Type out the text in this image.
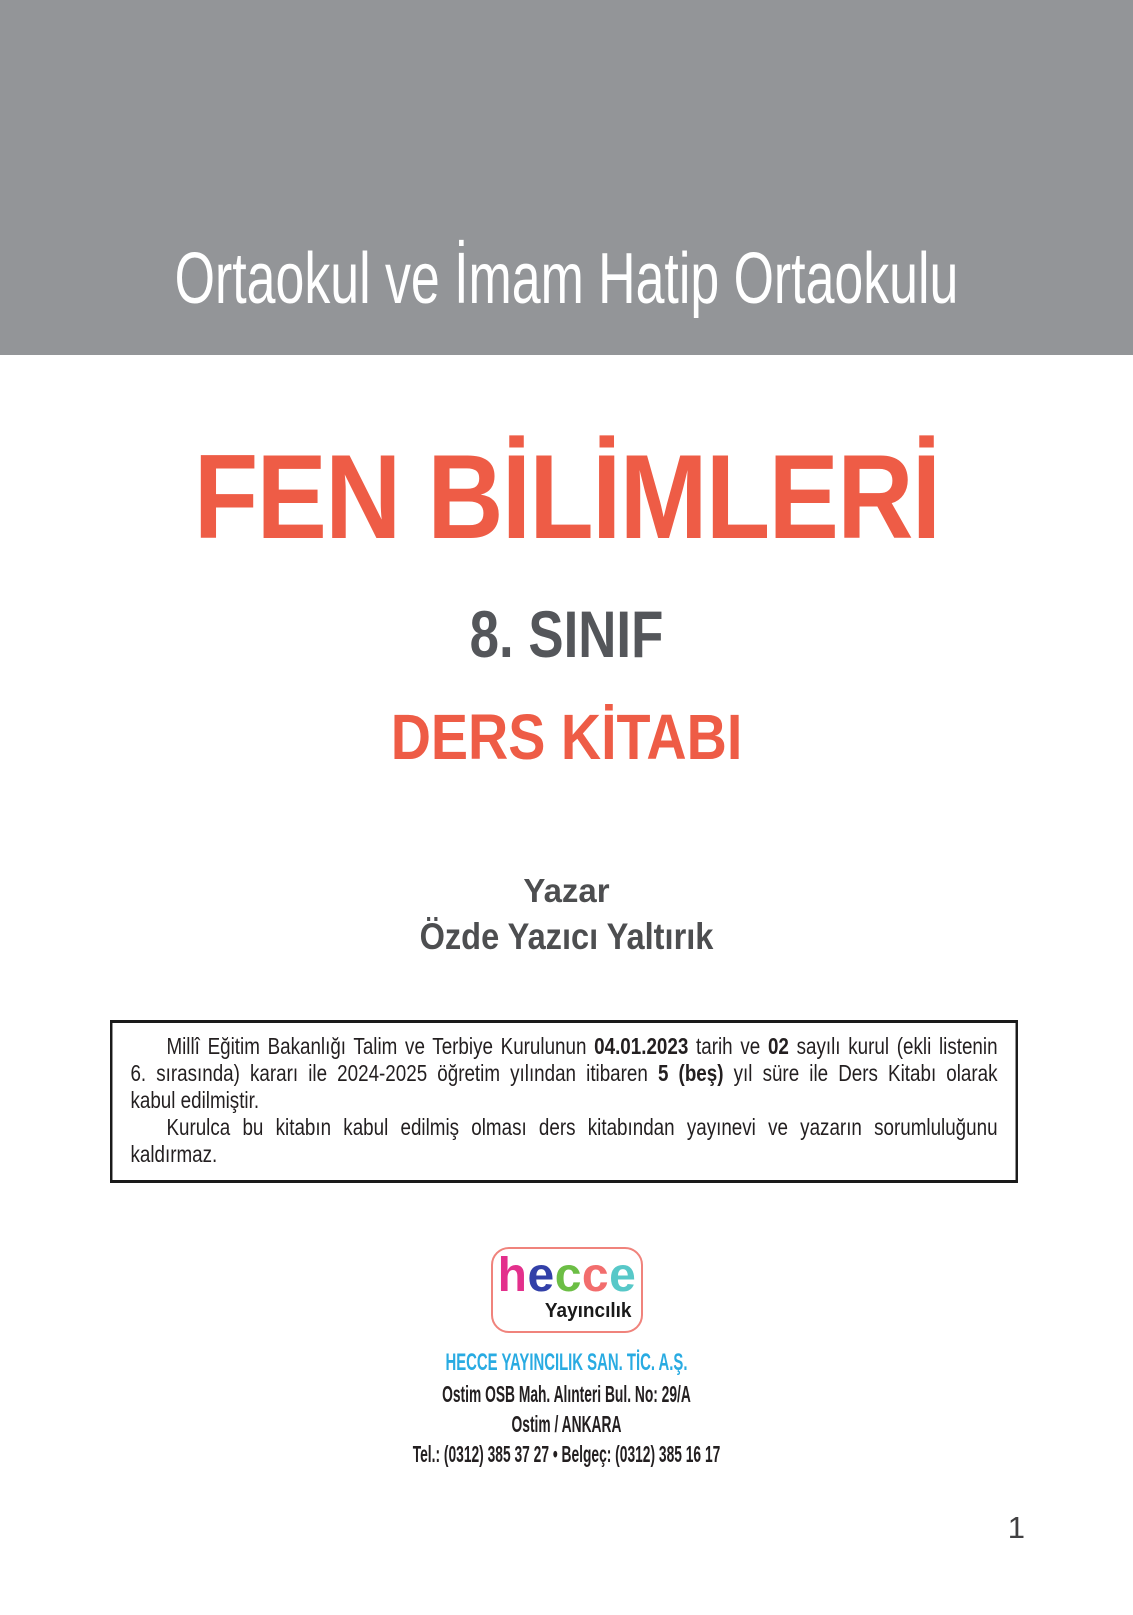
Ortaokul ve İmam Hatip Ortaokulu
FEN BİLİMLERİ
8. SINIF
DERS KİTABI
Yazar
Özde Yazıcı Yaltırık
Millî Eğitim Bakanlığı Talim ve Terbiye Kurulunun 04.01.2023 tarih ve 02 sayılı kurul (ekli listenin
6. sırasında) kararı ile 2024-2025 öğretim yılından itibaren 5 (beş) yıl süre ile Ders Kitabı olarak
kabul edilmiştir.
Kurulca bu kitabın kabul edilmiş olması ders kitabından yayınevi ve yazarın sorumluluğunu
kaldırmaz.
hecce
Yayıncılık
HECCE YAYINCILIK SAN. TİC. A.Ş.
Ostim OSB Mah. Alınteri Bul. No: 29/A
Ostim / ANKARA
Tel.: (0312) 385 37 27 • Belgeç: (0312) 385 16 17
1
